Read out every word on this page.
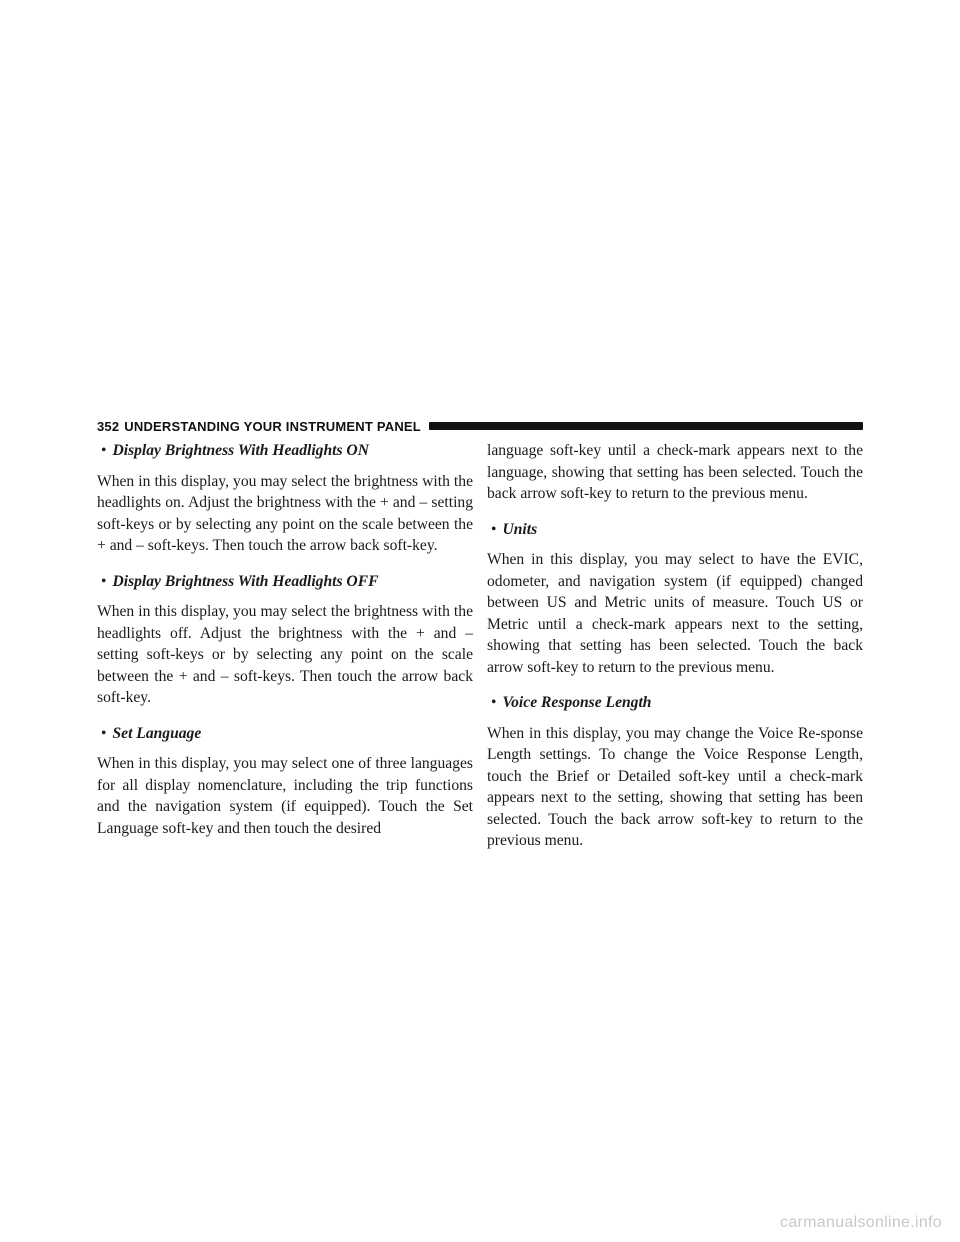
352 UNDERSTANDING YOUR INSTRUMENT PANEL
• Display Brightness With Headlights ON

When in this display, you may select the brightness with the headlights on. Adjust the brightness with the + and – setting soft-keys or by selecting any point on the scale between the + and – soft-keys. Then touch the arrow back soft-key.

• Display Brightness With Headlights OFF

When in this display, you may select the brightness with the headlights off. Adjust the brightness with the + and – setting soft-keys or by selecting any point on the scale between the + and – soft-keys. Then touch the arrow back soft-key.

• Set Language

When in this display, you may select one of three languages for all display nomenclature, including the trip functions and the navigation system (if equipped). Touch the Set Language soft-key and then touch the desired

language soft-key until a check-mark appears next to the language, showing that setting has been selected. Touch the back arrow soft-key to return to the previous menu.

• Units

When in this display, you may select to have the EVIC, odometer, and navigation system (if equipped) changed between US and Metric units of measure. Touch US or Metric until a check-mark appears next to the setting, showing that setting has been selected. Touch the back arrow soft-key to return to the previous menu.

• Voice Response Length

When in this display, you may change the Voice Re-sponse Length settings. To change the Voice Response Length, touch the Brief or Detailed soft-key until a check-mark appears next to the setting, showing that setting has been selected. Touch the back arrow soft-key to return to the previous menu.

carmanualsonline.info
